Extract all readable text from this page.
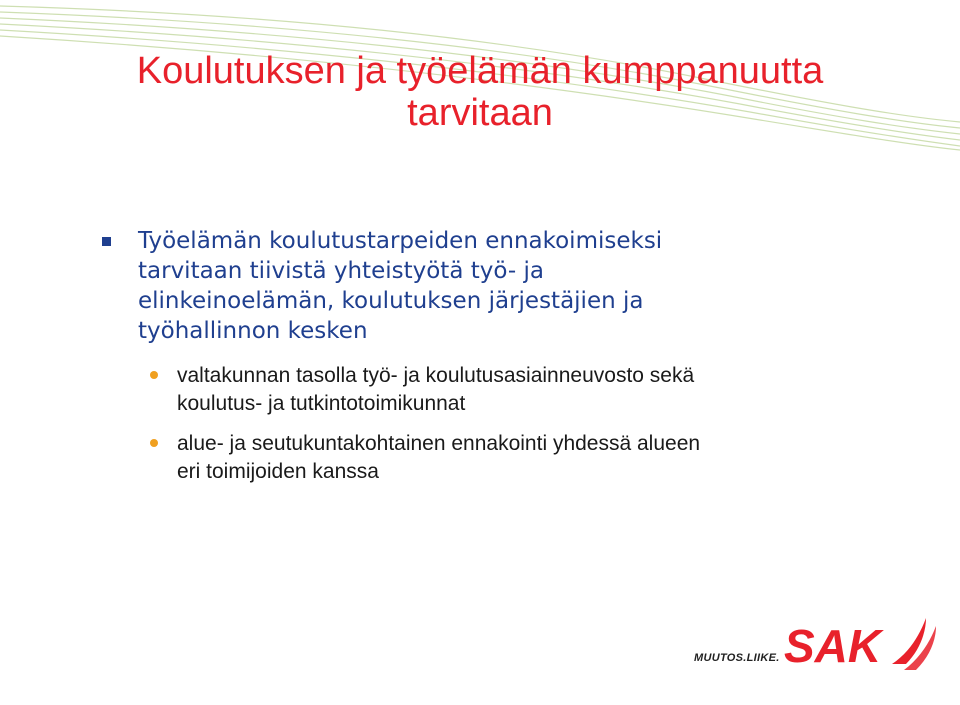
Koulutuksen ja työelämän kumppanuutta
tarvitaan
Työelämän koulutustarpeiden ennakoimiseksi
tarvitaan tiivistä yhteistyötä työ- ja
elinkeinoelämän, koulutuksen järjestäjien ja
työhallinnon kesken
valtakunnan tasolla työ- ja koulutusasiainneuvosto sekä
koulutus- ja tutkintotoimikunnat
alue- ja seutukuntakohtainen ennakointi yhdessä alueen
eri toimijoiden kanssa
MUUTOS.LIIKE. SAK
